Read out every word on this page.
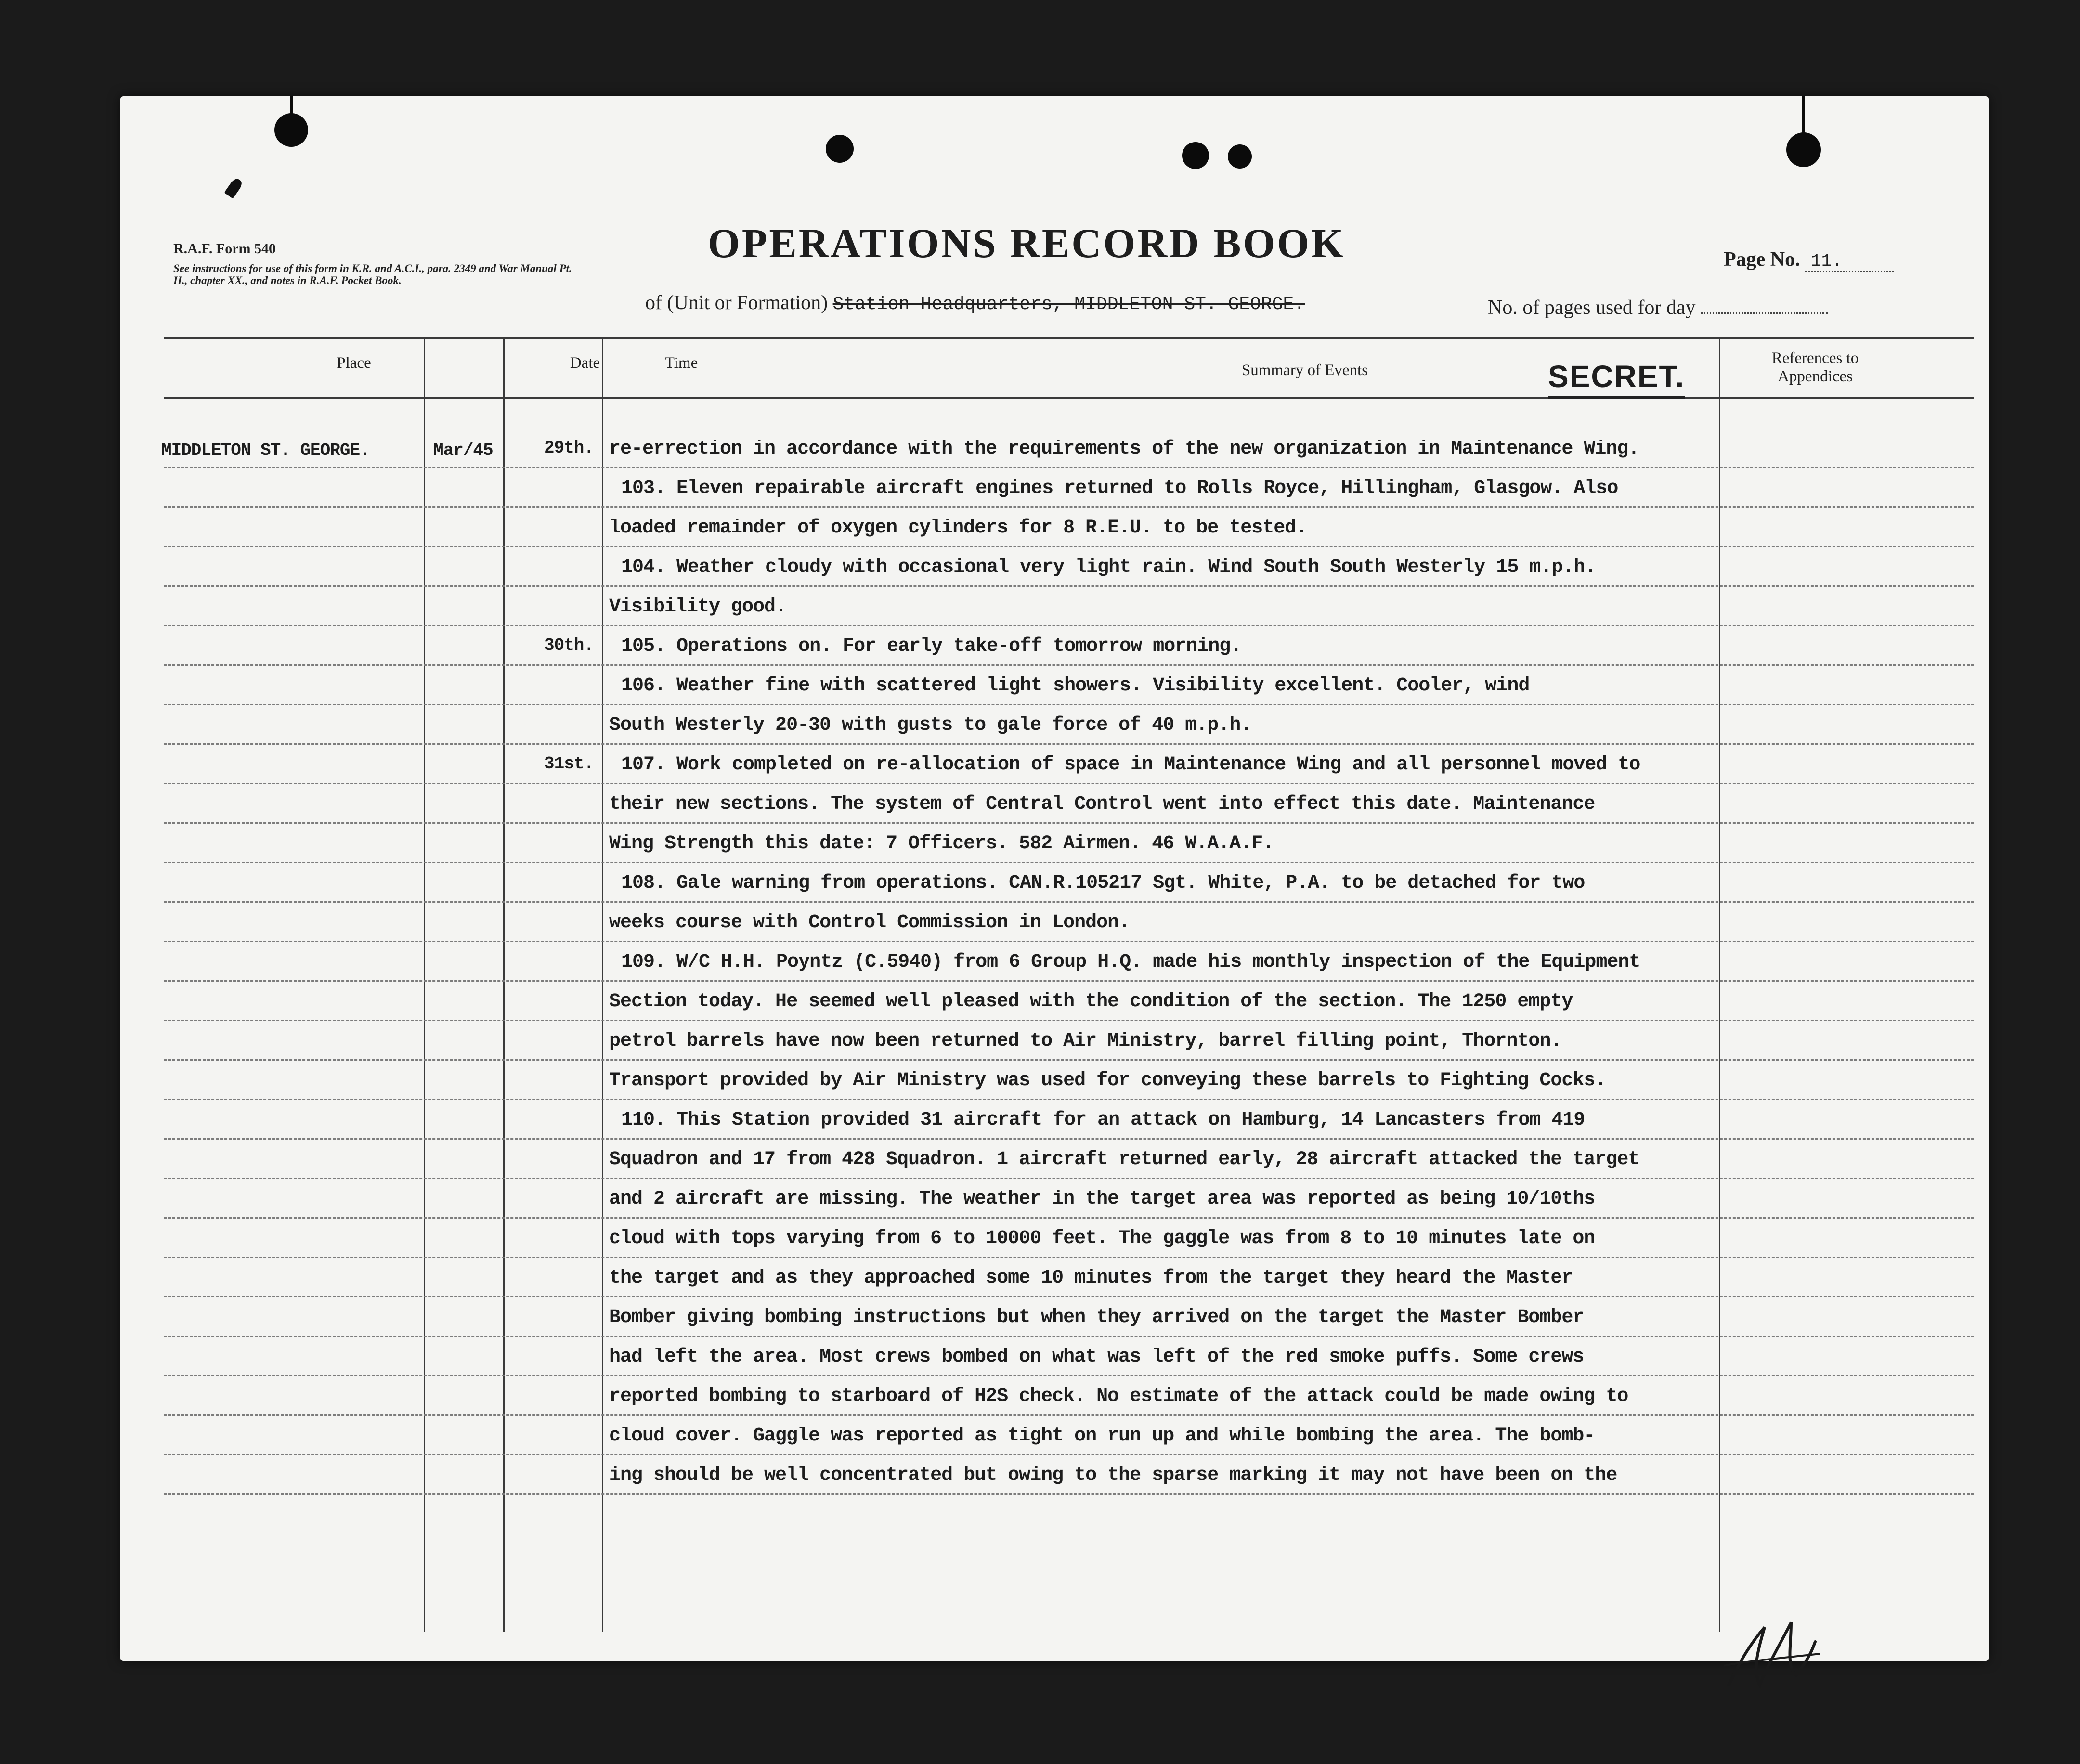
R.A.F. Form 540
See instructions for use of this form in K.R. and A.C.I., para. 2349 and War Manual Pt. II., chapter XX., and notes in R.A.F. Pocket Book.
OPERATIONS RECORD BOOK	Page No. 11.
of (Unit or Formation) Station Headquarters, MIDDLETON ST. GEORGE.	No. of pages used for day
Place	Date	Time	Summary of Events
References to Appendices
SECRET.
MIDDLETON ST. GEORGE.	Mar/45	29th. re-errection in accordance with the requirements of the new organization in Maintenance Wing.
103. Eleven repairable aircraft engines returned to Rolls Royce, Hillingham, Glasgow. Also
loaded remainder of oxygen cylinders for 8 R.E.U. to be tested.
104. Weather cloudy with occasional very light rain. Wind South South Westerly 15 m.p.h.
Visibility good.
30th. 105. Operations on. For early take-off tomorrow morning.
106. Weather fine with scattered light showers. Visibility excellent. Cooler, wind
South Westerly 20-30 with gusts to gale force of 40 m.p.h.
31st. 107. Work completed on re-allocation of space in Maintenance Wing and all personnel moved to
their new sections. The system of Central Control went into effect this date. Maintenance
Wing Strength this date: 7 Officers. 582 Airmen. 46 W.A.A.F.
108. Gale warning from operations. CAN.R.105217 Sgt. White, P.A. to be detached for two
weeks course with Control Commission in London.
109. W/C H.H. Poyntz (C.5940) from 6 Group H.Q. made his monthly inspection of the Equipment
Section today. He seemed well pleased with the condition of the section. The 1250 empty
petrol barrels have now been returned to Air Ministry, barrel filling point, Thornton.
Transport provided by Air Ministry was used for conveying these barrels to Fighting Cocks.
110. This Station provided 31 aircraft for an attack on Hamburg, 14 Lancasters from 419
Squadron and 17 from 428 Squadron. 1 aircraft returned early, 28 aircraft attacked the target
and 2 aircraft are missing. The weather in the target area was reported as being 10/10ths
cloud with tops varying from 6 to 10000 feet. The gaggle was from 8 to 10 minutes late on
the target and as they approached some 10 minutes from the target they heard the Master
Bomber giving bombing instructions but when they arrived on the target the Master Bomber
had left the area. Most crews bombed on what was left of the red smoke puffs. Some crews
reported bombing to starboard of H2S check. No estimate of the attack could be made owing to
cloud cover. Gaggle was reported as tight on run up and while bombing the area. The bomb-
ing should be well concentrated but owing to the sparse marking it may not have been on the
